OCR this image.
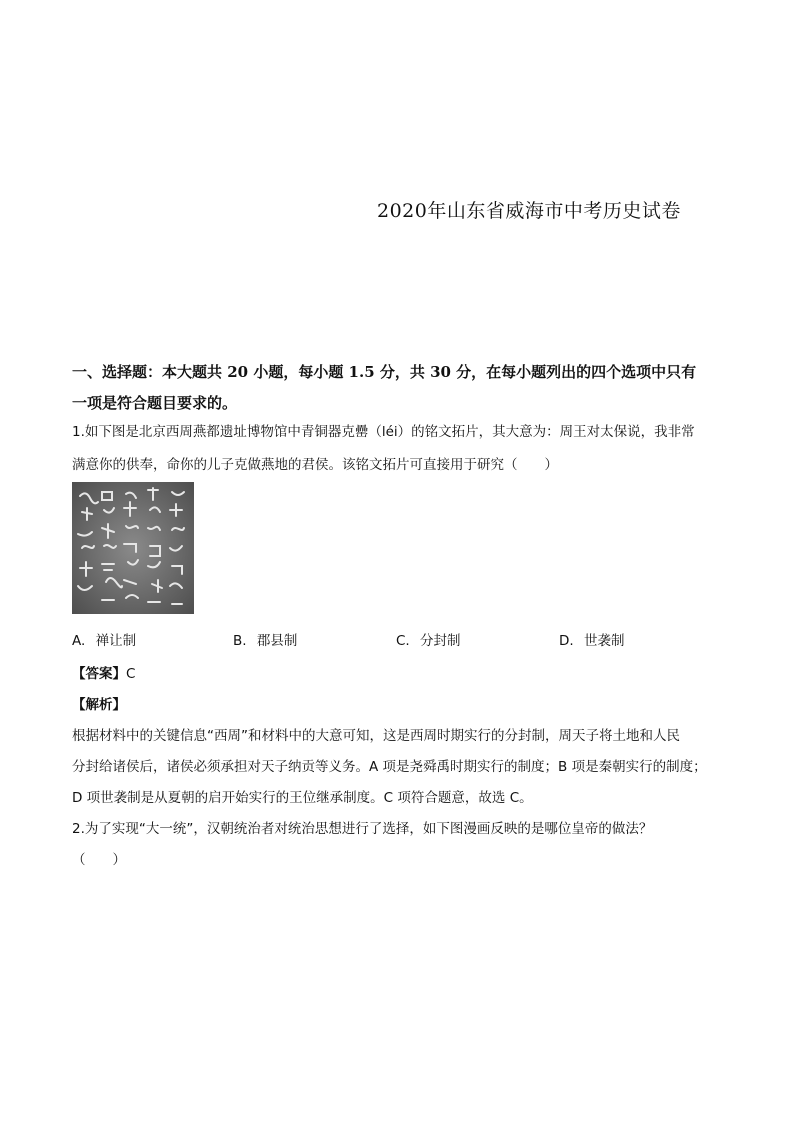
2020年山东省威海市中考历史试卷
一、选择题：本大题共 20 小题，每小题 1.5 分，共 30 分，在每小题列出的四个选项中只有
一项是符合题目要求的。
1.如下图是北京西周燕都遗址博物馆中青铜器克罍（léi）的铭文拓片，其大意为：周王对太保说，我非常
满意你的供奉，命你的儿子克做燕地的君侯。该铭文拓片可直接用于研究（　　）
A. 禅让制	B. 郡县制	C. 分封制	D. 世袭制
【答案】C
【解析】
根据材料中的关键信息“西周”和材料中的大意可知，这是西周时期实行的分封制，周天子将土地和人民
分封给诸侯后，诸侯必须承担对天子纳贡等义务。A 项是尧舜禹时期实行的制度；B 项是秦朝实行的制度；
D 项世袭制是从夏朝的启开始实行的王位继承制度。C 项符合题意，故选 C。
2.为了实现“大一统”，汉朝统治者对统治思想进行了选择，如下图漫画反映的是哪位皇帝的做法？
（　　）
